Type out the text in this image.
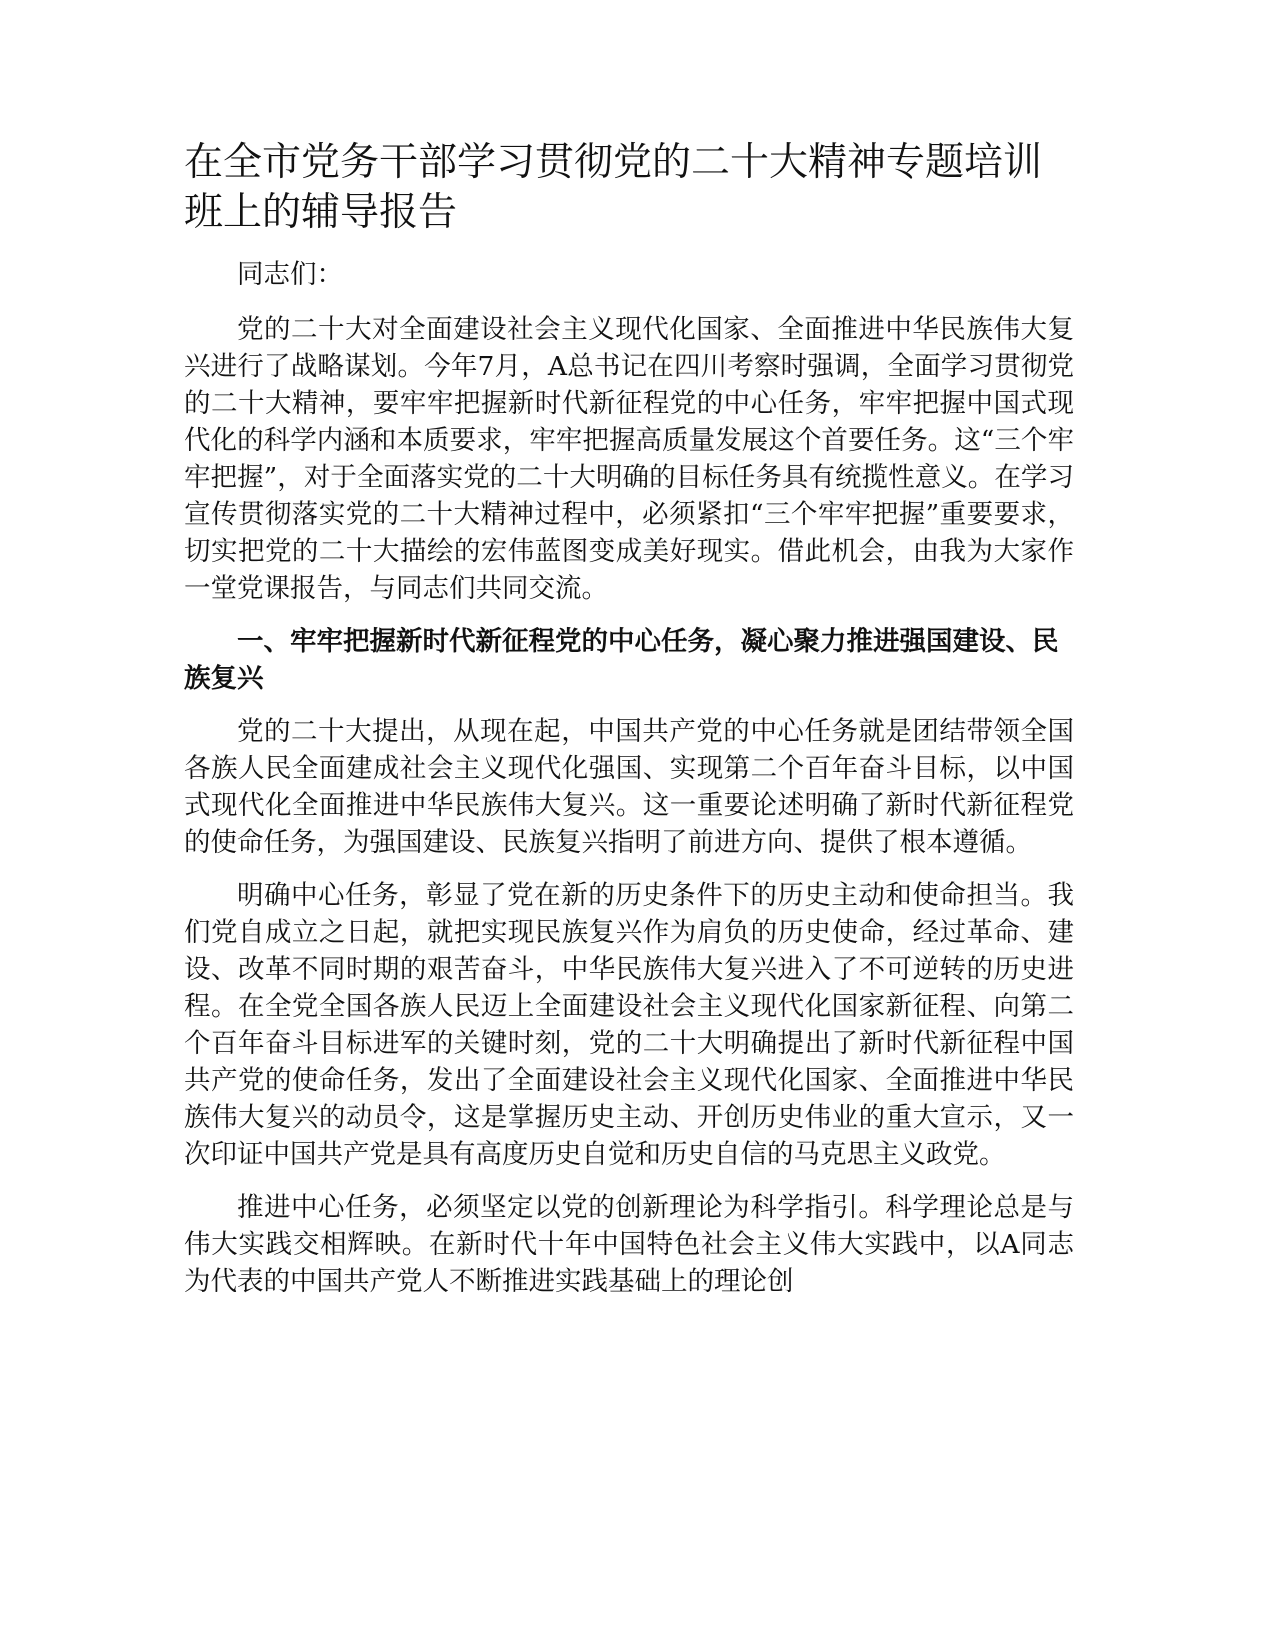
在全市党务干部学习贯彻党的二十大精神专题培训班上的辅导报告

同志们：

党的二十大对全面建设社会主义现代化国家、全面推进中华民族伟大复兴进行了战略谋划。今年7月，A总书记在四川考察时强调，全面学习贯彻党的二十大精神，要牢牢把握新时代新征程党的中心任务，牢牢把握中国式现代化的科学内涵和本质要求，牢牢把握高质量发展这个首要任务。这“三个牢牢把握”，对于全面落实党的二十大明确的目标任务具有统揽性意义。在学习宣传贯彻落实党的二十大精神过程中，必须紧扣“三个牢牢把握”重要要求，切实把党的二十大描绘的宏伟蓝图变成美好现实。借此机会，由我为大家作一堂党课报告，与同志们共同交流。

一、牢牢把握新时代新征程党的中心任务，凝心聚力推进强国建设、民族复兴

党的二十大提出，从现在起，中国共产党的中心任务就是团结带领全国各族人民全面建成社会主义现代化强国、实现第二个百年奋斗目标，以中国式现代化全面推进中华民族伟大复兴。这一重要论述明确了新时代新征程党的使命任务，为强国建设、民族复兴指明了前进方向、提供了根本遵循。

明确中心任务，彰显了党在新的历史条件下的历史主动和使命担当。我们党自成立之日起，就把实现民族复兴作为肩负的历史使命，经过革命、建设、改革不同时期的艰苦奋斗，中华民族伟大复兴进入了不可逆转的历史进程。在全党全国各族人民迈上全面建设社会主义现代化国家新征程、向第二个百年奋斗目标进军的关键时刻，党的二十大明确提出了新时代新征程中国共产党的使命任务，发出了全面建设社会主义现代化国家、全面推进中华民族伟大复兴的动员令，这是掌握历史主动、开创历史伟业的重大宣示，又一次印证中国共产党是具有高度历史自觉和历史自信的马克思主义政党。

推进中心任务，必须坚定以党的创新理论为科学指引。科学理论总是与伟大实践交相辉映。在新时代十年中国特色社会主义伟大实践中，以A同志为代表的中国共产党人不断推进实践基础上的理论创
